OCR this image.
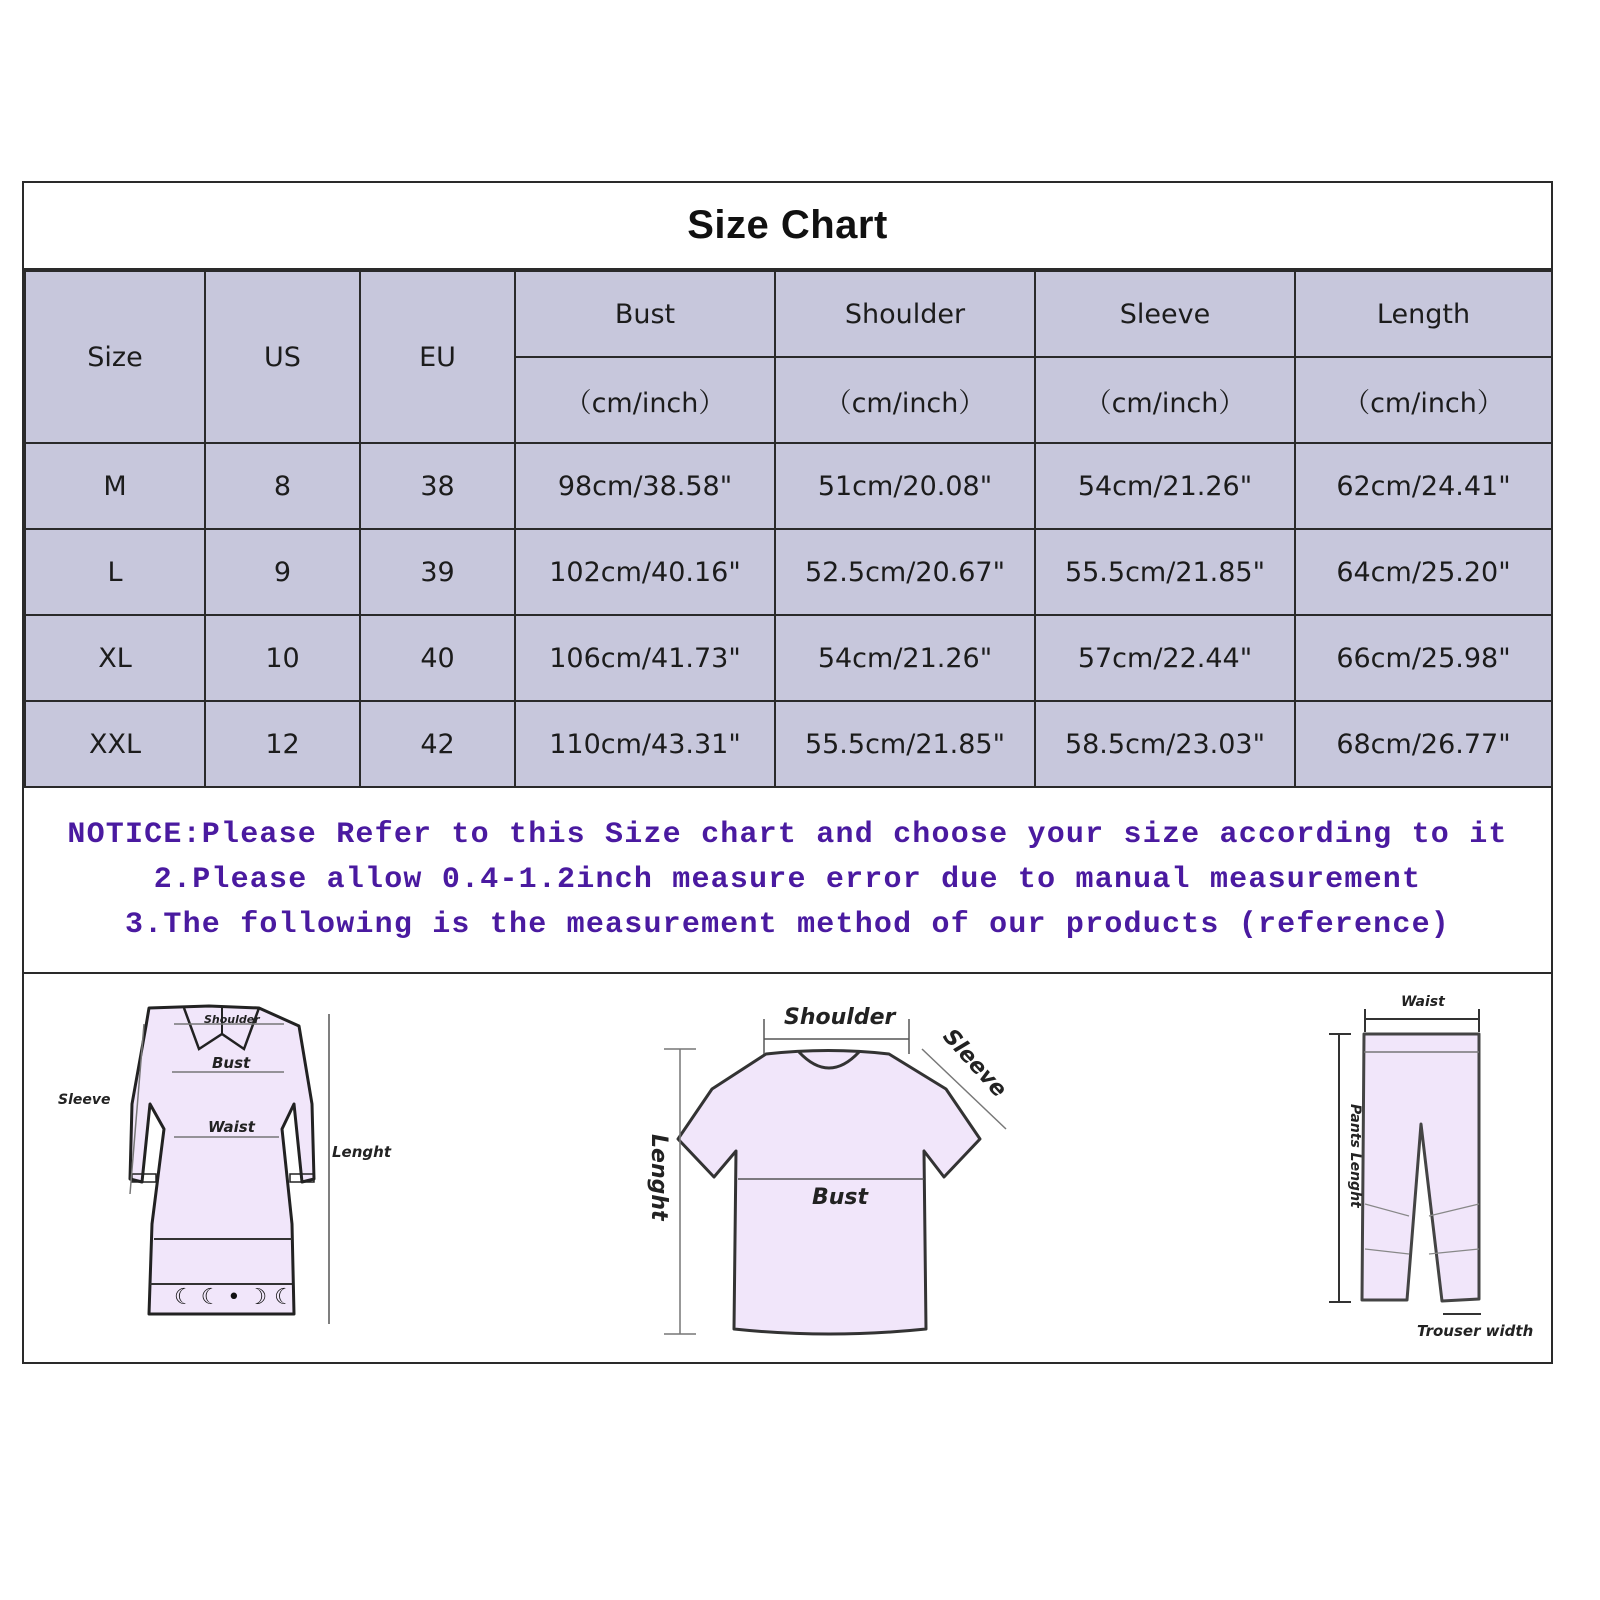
Size Chart
Size	US	EU	Bust	Shoulder	Sleeve	Length
			（cm/inch）	（cm/inch）	（cm/inch）	（cm/inch）
M	8	38	98cm/38.58"	51cm/20.08"	54cm/21.26"	62cm/24.41"
L	9	39	102cm/40.16"	52.5cm/20.67"	55.5cm/21.85"	64cm/25.20"
XL	10	40	106cm/41.73"	54cm/21.26"	57cm/22.44"	66cm/25.98"
XXL	12	42	110cm/43.31"	55.5cm/21.85"	58.5cm/23.03"	68cm/26.77"
NOTICE:Please Refer to this Size chart and choose your size according to it
2.Please allow 0.4-1.2inch measure error due to manual measurement
3.The following is the measurement method of our products (reference)
☾ ☾ • ☽ ☾
Shoulder
Bust
Waist
Sleeve
Lenght
Shoulder
Bust
Sleeve
Lenght
Waist
Pants Lenght
Trouser width
